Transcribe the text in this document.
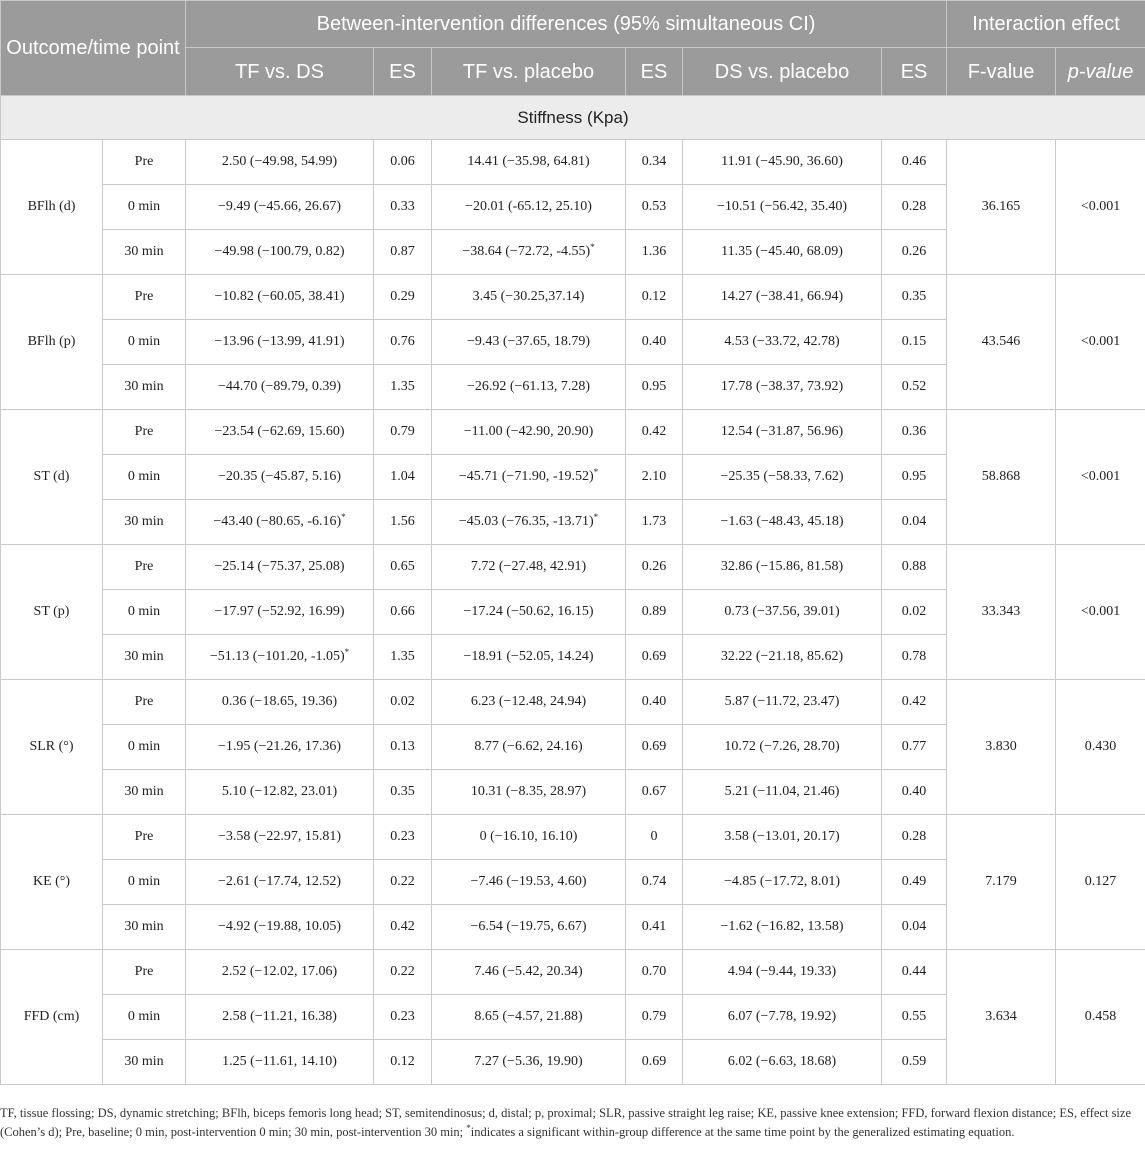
Outcome/time point		Between-intervention differences (95% simultaneous CI)						Interaction effect	
		TF vs. DS	ES	TF vs. placebo	ES	DS vs. placebo	ES	F-value	p-value
Stiffness (Kpa)									
BFlh (d)	Pre	2.50 (−49.98, 54.99)	0.06	14.41 (−35.98, 64.81)	0.34	11.91 (−45.90, 36.60)	0.46	36.165	<0.001
	0 min	−9.49 (−45.66, 26.67)	0.33	−20.01 (-65.12, 25.10)	0.53	−10.51 (−56.42, 35.40)	0.28		
	30 min	−49.98 (−100.79, 0.82)	0.87	−38.64 (−72.72, -4.55)*	1.36	11.35 (−45.40, 68.09)	0.26		
BFlh (p)	Pre	−10.82 (−60.05, 38.41)	0.29	3.45 (−30.25,37.14)	0.12	14.27 (−38.41, 66.94)	0.35	43.546	<0.001
	0 min	−13.96 (−13.99, 41.91)	0.76	−9.43 (−37.65, 18.79)	0.40	4.53 (−33.72, 42.78)	0.15		
	30 min	−44.70 (−89.79, 0.39)	1.35	−26.92 (−61.13, 7.28)	0.95	17.78 (−38.37, 73.92)	0.52		
ST (d)	Pre	−23.54 (−62.69, 15.60)	0.79	−11.00 (−42.90, 20.90)	0.42	12.54 (−31.87, 56.96)	0.36	58.868	<0.001
	0 min	−20.35 (−45.87, 5.16)	1.04	−45.71 (−71.90, -19.52)*	2.10	−25.35 (−58.33, 7.62)	0.95		
	30 min	−43.40 (−80.65, -6.16)*	1.56	−45.03 (−76.35, -13.71)*	1.73	−1.63 (−48.43, 45.18)	0.04		
ST (p)	Pre	−25.14 (−75.37, 25.08)	0.65	7.72 (−27.48, 42.91)	0.26	32.86 (−15.86, 81.58)	0.88	33.343	<0.001
	0 min	−17.97 (−52.92, 16.99)	0.66	−17.24 (−50.62, 16.15)	0.89	0.73 (−37.56, 39.01)	0.02		
	30 min	−51.13 (−101.20, -1.05)*	1.35	−18.91 (−52.05, 14.24)	0.69	32.22 (−21.18, 85.62)	0.78		
SLR (°)	Pre	0.36 (−18.65, 19.36)	0.02	6.23 (−12.48, 24.94)	0.40	5.87 (−11.72, 23.47)	0.42	3.830	0.430
	0 min	−1.95 (−21.26, 17.36)	0.13	8.77 (−6.62, 24.16)	0.69	10.72 (−7.26, 28.70)	0.77		
	30 min	5.10 (−12.82, 23.01)	0.35	10.31 (−8.35, 28.97)	0.67	5.21 (−11.04, 21.46)	0.40		
KE (°)	Pre	−3.58 (−22.97, 15.81)	0.23	0 (−16.10, 16.10)	0	3.58 (−13.01, 20.17)	0.28	7.179	0.127
	0 min	−2.61 (−17.74, 12.52)	0.22	−7.46 (−19.53, 4.60)	0.74	−4.85 (−17.72, 8.01)	0.49		
	30 min	−4.92 (−19.88, 10.05)	0.42	−6.54 (−19.75, 6.67)	0.41	−1.62 (−16.82, 13.58)	0.04		
FFD (cm)	Pre	2.52 (−12.02, 17.06)	0.22	7.46 (−5.42, 20.34)	0.70	4.94 (−9.44, 19.33)	0.44	3.634	0.458
	0 min	2.58 (−11.21, 16.38)	0.23	8.65 (−4.57, 21.88)	0.79	6.07 (−7.78, 19.92)	0.55		
	30 min	1.25 (−11.61, 14.10)	0.12	7.27 (−5.36, 19.90)	0.69	6.02 (−6.63, 18.68)	0.59		

TF, tissue flossing; DS, dynamic stretching; BFlh, biceps femoris long head; ST, semitendinosus; d, distal; p, proximal; SLR, passive straight leg raise; KE, passive knee extension; FFD, forward flexion distance; ES, effect size (Cohen’s d); Pre, baseline; 0 min, post-intervention 0 min; 30 min, post-intervention 30 min; *indicates a significant within-group difference at the same time point by the generalized estimating equation.
